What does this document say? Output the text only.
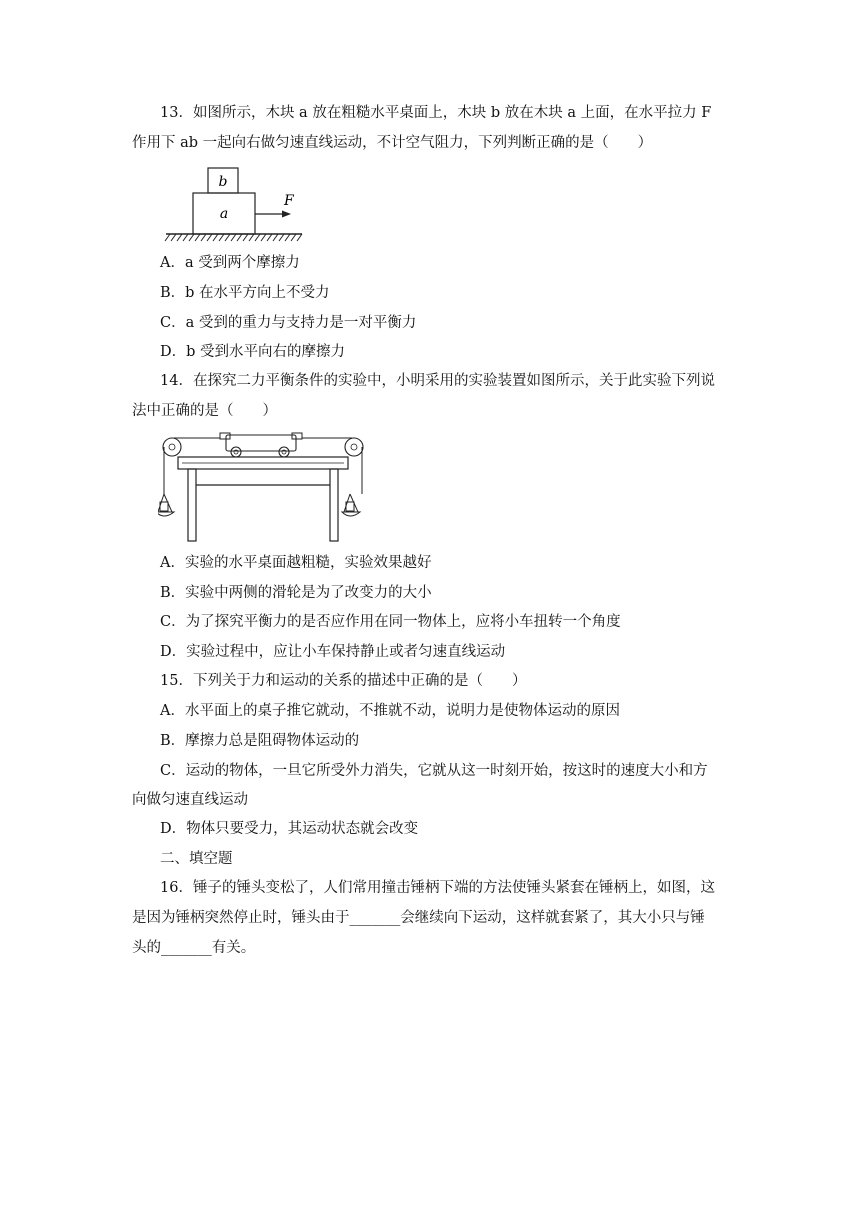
13．如图所示，木块 a 放在粗糙水平桌面上，木块 b 放在木块 a 上面，在水平拉力 F
作用下 ab 一起向右做匀速直线运动，不计空气阻力，下列判断正确的是（　　）
b
a
F
A．a 受到两个摩擦力
B．b 在水平方向上不受力
C．a 受到的重力与支持力是一对平衡力
D．b 受到水平向右的摩擦力
14．在探究二力平衡条件的实验中，小明采用的实验装置如图所示，关于此实验下列说
法中正确的是（　　）
A．实验的水平桌面越粗糙，实验效果越好
B．实验中两侧的滑轮是为了改变力的大小
C．为了探究平衡力的是否应作用在同一物体上，应将小车扭转一个角度
D．实验过程中，应让小车保持静止或者匀速直线运动
15．下列关于力和运动的关系的描述中正确的是（　　）
A．水平面上的桌子推它就动，不推就不动，说明力是使物体运动的原因
B．摩擦力总是阻碍物体运动的
C．运动的物体，一旦它所受外力消失，它就从这一时刻开始，按这时的速度大小和方
向做匀速直线运动
D．物体只要受力，其运动状态就会改变
二、填空题
16．锤子的锤头变松了，人们常用撞击锤柄下端的方法使锤头紧套在锤柄上，如图，这
是因为锤柄突然停止时，锤头由于_______会继续向下运动，这样就套紧了，其大小只与锤
头的_______有关。
